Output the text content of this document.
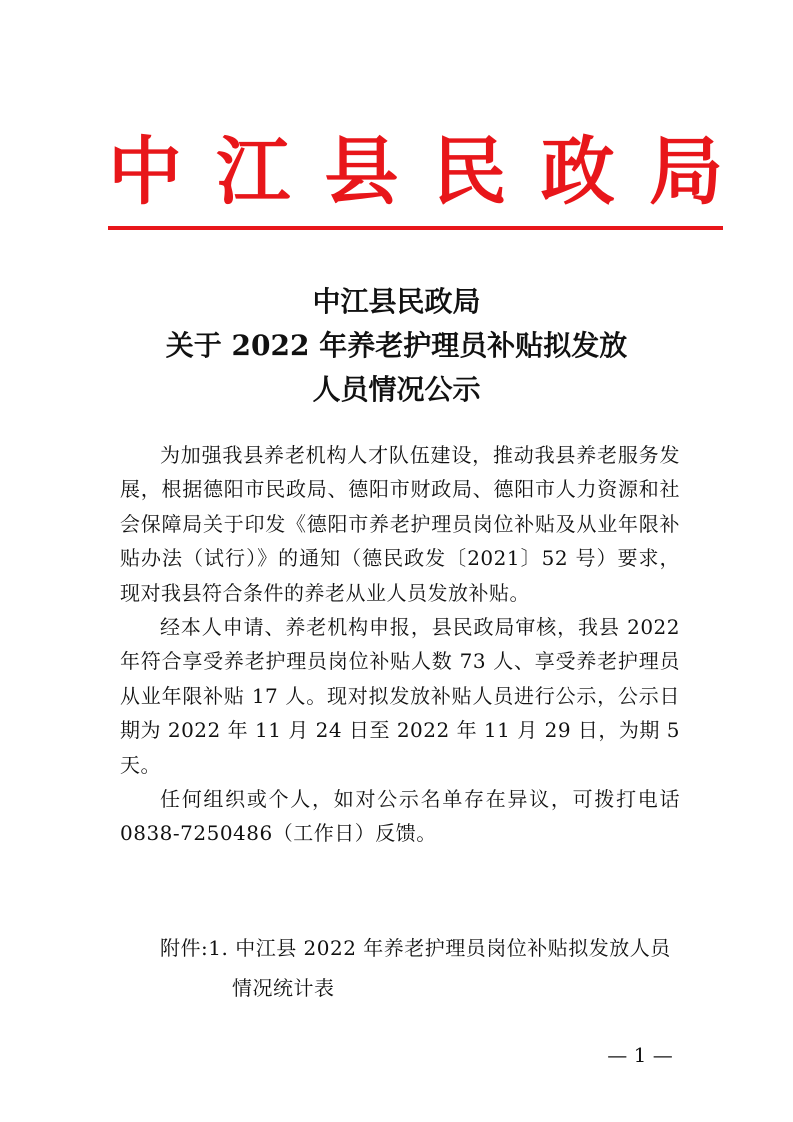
中 江 县 民 政 局
中江县民政局
关于 2022 年养老护理员补贴拟发放
人员情况公示

为加强我县养老机构人才队伍建设，推动我县养老服务发展，根据德阳市民政局、德阳市财政局、德阳市人力资源和社会保障局关于印发《德阳市养老护理员岗位补贴及从业年限补贴办法（试行）》的通知（德民政发〔2021〕52 号）要求，现对我县符合条件的养老从业人员发放补贴。

经本人申请、养老机构申报，县民政局审核，我县 2022 年符合享受养老护理员岗位补贴人数 73 人、享受养老护理员从业年限补贴 17 人。现对拟发放补贴人员进行公示，公示日期为 2022 年 11 月 24 日至 2022 年 11 月 29 日，为期 5 天。

任何组织或个人，如对公示名单存在异议，可拨打电话 0838-7250486（工作日）反馈。

附件:1. 中江县 2022 年养老护理员岗位补贴拟发放人员
情况统计表
— 1 —
